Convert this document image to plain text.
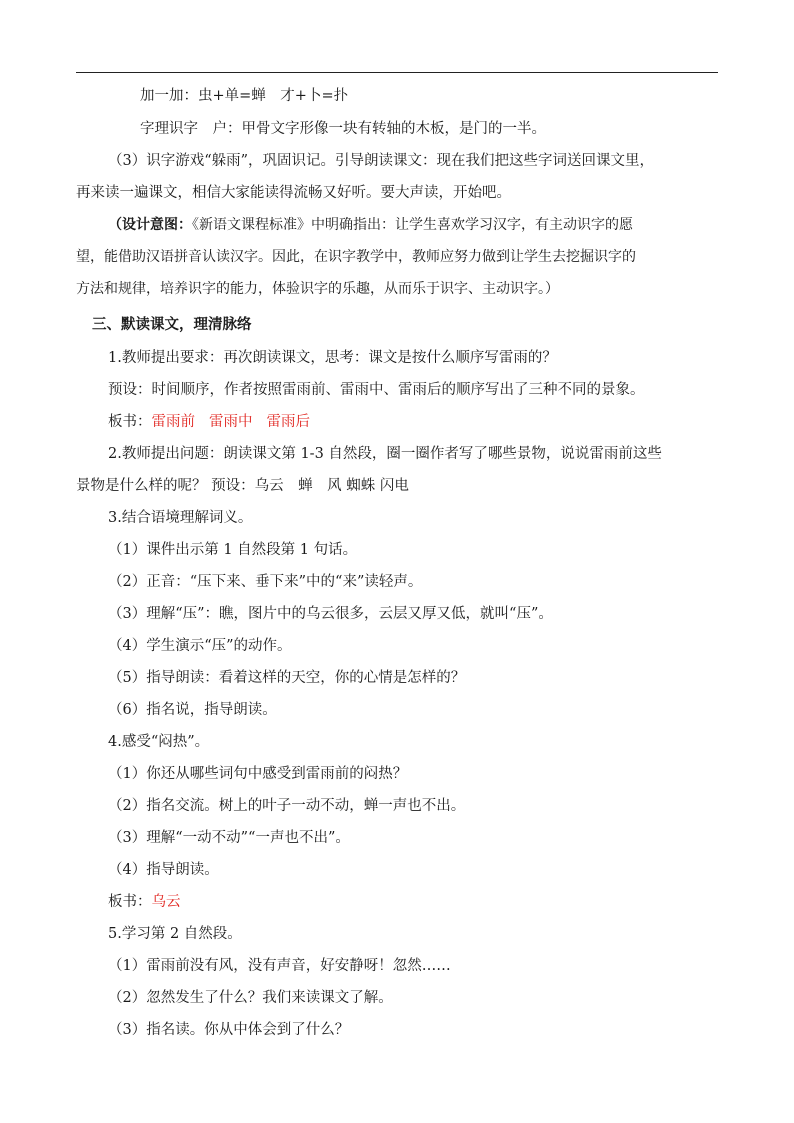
加一加：虫+单=蝉　才+卜=扑
字理识字　户：甲骨文字形像一块有转轴的木板，是门的一半。
（3）识字游戏“躲雨”，巩固识记。引导朗读课文：现在我们把这些字词送回课文里，
再来读一遍课文，相信大家能读得流畅又好听。要大声读，开始吧。
（设计意图：《新语文课程标准》中明确指出：让学生喜欢学习汉字，有主动识字的愿
望，能借助汉语拼音认读汉字。因此，在识字教学中，教师应努力做到让学生去挖掘识字的
方法和规律，培养识字的能力，体验识字的乐趣，从而乐于识字、主动识字。）
三、默读课文，理清脉络
1.教师提出要求：再次朗读课文，思考：课文是按什么顺序写雷雨的？
预设：时间顺序，作者按照雷雨前、雷雨中、雷雨后的顺序写出了三种不同的景象。
板书：雷雨前 雷雨中 雷雨后
2.教师提出问题：朗读课文第 1-3 自然段，圈一圈作者写了哪些景物，说说雷雨前这些
景物是什么样的呢？ 预设：乌云　蝉　风 蜘蛛 闪电
3.结合语境理解词义。
（1）课件出示第 1 自然段第 1 句话。
（2）正音：“压下来、垂下来”中的“来”读轻声。
（3）理解“压”：瞧，图片中的乌云很多，云层又厚又低，就叫“压”。
（4）学生演示“压”的动作。
（5）指导朗读：看着这样的天空，你的心情是怎样的？
（6）指名说，指导朗读。
4.感受“闷热”。
（1）你还从哪些词句中感受到雷雨前的闷热？
（2）指名交流。树上的叶子一动不动，蝉一声也不出。
（3）理解“一动不动”“一声也不出”。
（4）指导朗读。
板书：乌云
5.学习第 2 自然段。
（1）雷雨前没有风，没有声音，好安静呀！忽然……
（2）忽然发生了什么？我们来读课文了解。
（3）指名读。你从中体会到了什么？
